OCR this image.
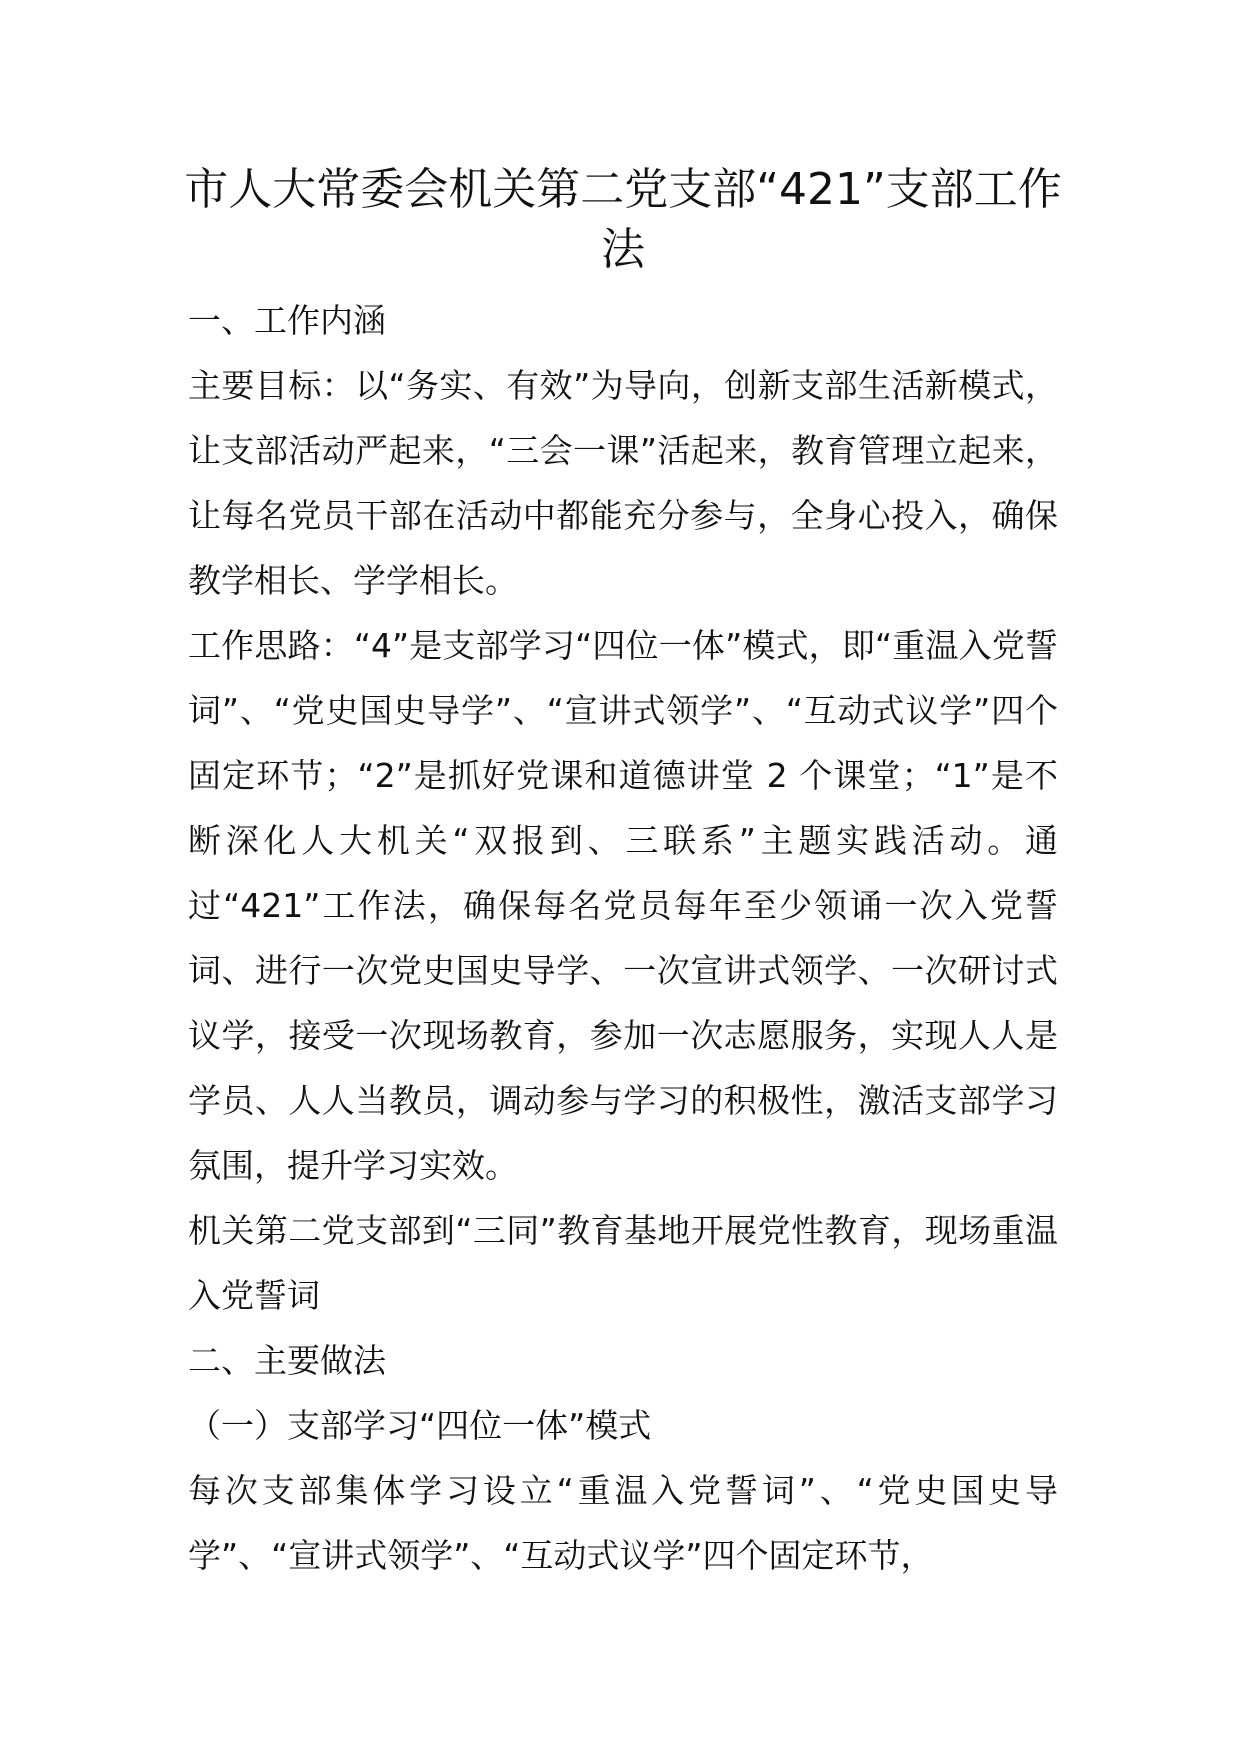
市人大常委会机关第二党支部“421”支部工作法
一、工作内涵

主要目标：以“务实、有效”为导向，创新支部生活新模式，让支部活动严起来，“三会一课”活起来，教育管理立起来，让每名党员干部在活动中都能充分参与，全身心投入，确保教学相长、学学相长。

工作思路：“4”是支部学习“四位一体”模式，即“重温入党誓词”、“党史国史导学”、“宣讲式领学”、“互动式议学”四个固定环节；“2”是抓好党课和道德讲堂 2 个课堂；“1”是不断深化人大机关“双报到、三联系”主题实践活动。通过“421”工作法，确保每名党员每年至少领诵一次入党誓词、进行一次党史国史导学、一次宣讲式领学、一次研讨式议学，接受一次现场教育，参加一次志愿服务，实现人人是学员、人人当教员，调动参与学习的积极性，激活支部学习氛围，提升学习实效。

机关第二党支部到“三同”教育基地开展党性教育，现场重温入党誓词

二、主要做法
（一）支部学习“四位一体”模式

每次支部集体学习设立“重温入党誓词”、“党史国史导学”、“宣讲式领学”、“互动式议学”四个固定环节，
